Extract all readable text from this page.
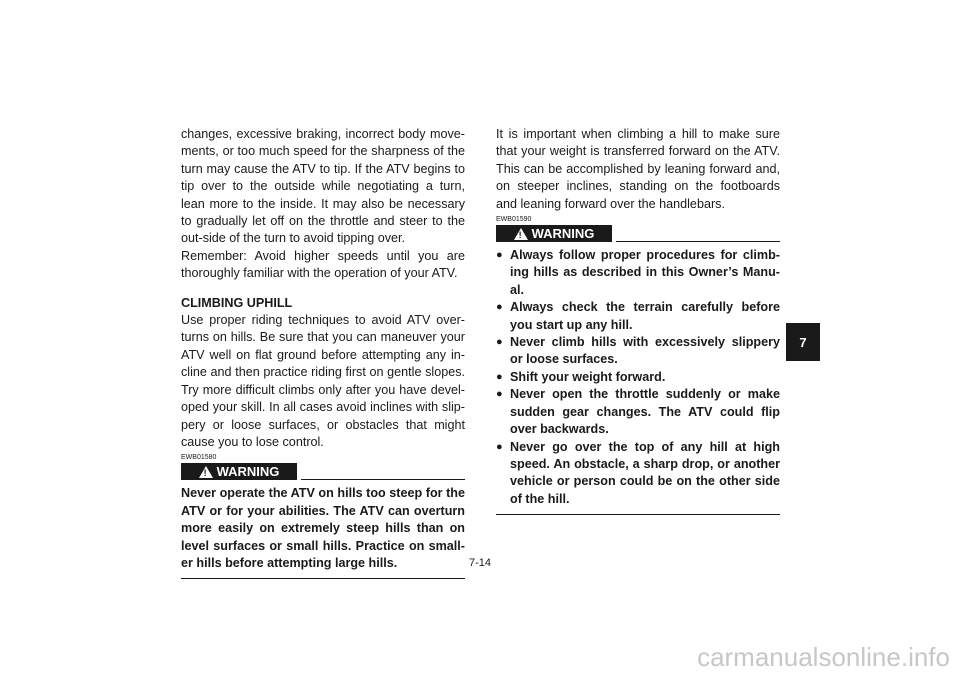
changes, excessive braking, incorrect body move-ments, or too much speed for the sharpness of the turn may cause the ATV to tip. If the ATV begins to tip over to the outside while negotiating a turn, lean more to the inside. It may also be necessary to gradually let off on the throttle and steer to the out-side of the turn to avoid tipping over.

Remember: Avoid higher speeds until you are thoroughly familiar with the operation of your ATV.

CLIMBING UPHILL

Use proper riding techniques to avoid ATV over-turns on hills. Be sure that you can maneuver your ATV well on flat ground before attempting any in-cline and then practice riding first on gentle slopes. Try more difficult climbs only after you have devel-oped your skill. In all cases avoid inclines with slip-pery or loose surfaces, or obstacles that might cause you to lose control.

EWB01580
! WARNING
Never operate the ATV on hills too steep for the ATV or for your abilities. The ATV can overturn more easily on extremely steep hills than on level surfaces or small hills. Practice on small-er hills before attempting large hills.

It is important when climbing a hill to make sure that your weight is transferred forward on the ATV. This can be accomplished by leaning forward and, on steeper inclines, standing on the footboards and leaning forward over the handlebars.

EWB01590
! WARNING
● Always follow proper procedures for climb-ing hills as described in this Owner’s Manu-al.
● Always check the terrain carefully before you start up any hill.
● Never climb hills with excessively slippery or loose surfaces.
● Shift your weight forward.
● Never open the throttle suddenly or make sudden gear changes. The ATV could flip over backwards.
● Never go over the top of any hill at high speed. An obstacle, a sharp drop, or another vehicle or person could be on the other side of the hill.
7
7-14
carmanualsonline.info
